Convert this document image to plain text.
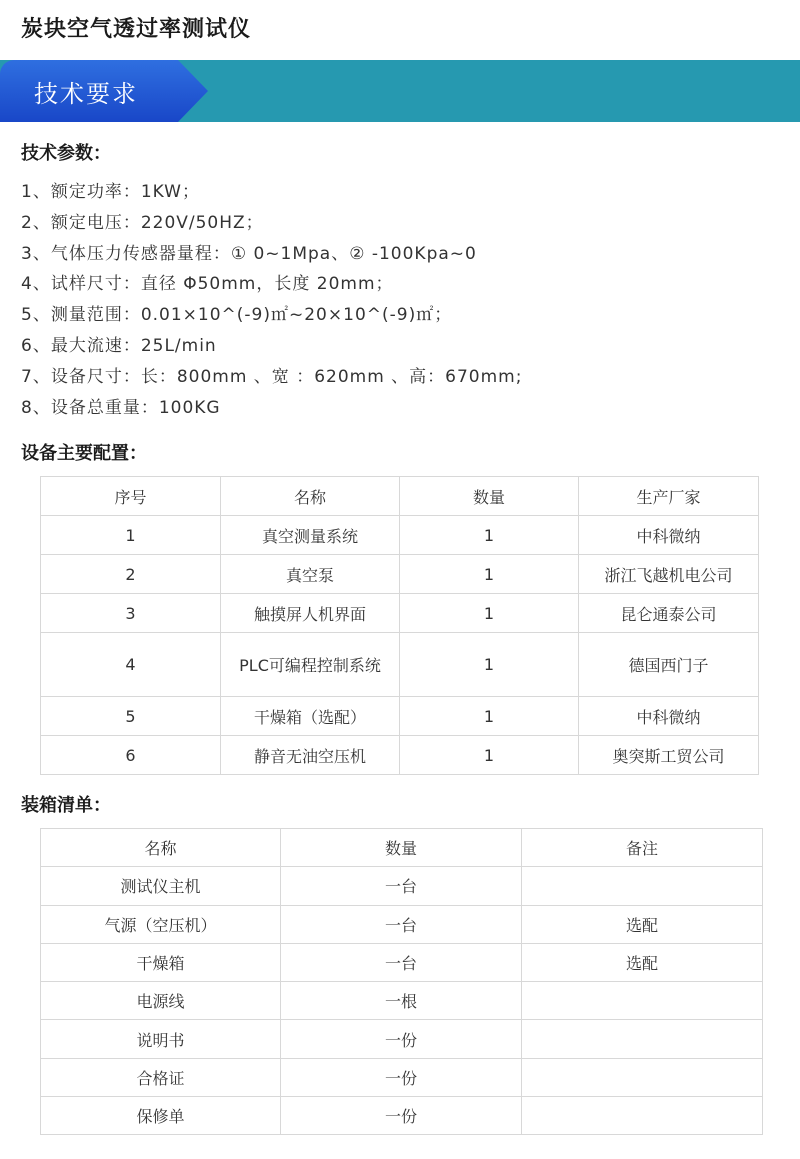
炭块空气透过率测试仪
技术要求
技术参数：
1、额定功率：1KW；
2、额定电压：220V/50HZ；
3、气体压力传感器量程：① 0~1Mpa、② -100Kpa~0
4、试样尺寸：直径 Φ50mm，长度 20mm；
5、测量范围：0.01×10^(-9)㎡~20×10^(-9)㎡；
6、最大流速：25L/min
7、设备尺寸：长：800mm 、宽 ：620mm 、高：670mm;
8、设备总重量：100KG
设备主要配置：
序号	名称	数量	生产厂家
1	真空测量系统	1	中科微纳
2	真空泵	1	浙江飞越机电公司
3	触摸屏人机界面	1	昆仑通泰公司
4	PLC可编程控制系统	1	德国西门子
5	干燥箱（选配）	1	中科微纳
6	静音无油空压机	1	奥突斯工贸公司
装箱清单：
名称	数量	备注
测试仪主机	一台	
气源（空压机）	一台	选配
干燥箱	一台	选配
电源线	一根	
说明书	一份	
合格证	一份	
保修单	一份	
